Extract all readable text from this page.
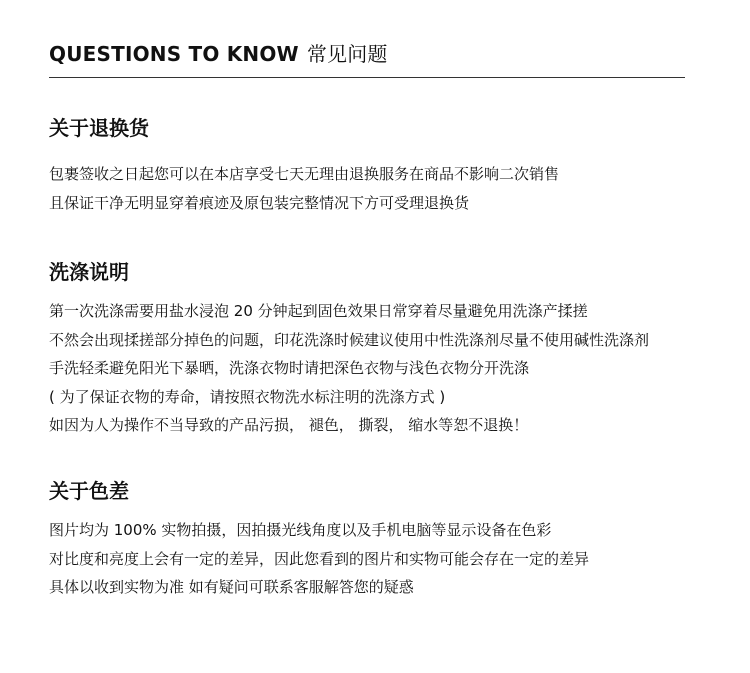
QUESTIONS TO KNOW 常见问题
关于退换货
包裹签收之日起您可以在本店享受七天无理由退换服务在商品不影响二次销售
且保证干净无明显穿着痕迹及原包装完整情况下方可受理退换货
洗涤说明
第一次洗涤需要用盐水浸泡 20 分钟起到固色效果日常穿着尽量避免用洗涤产揉搓
不然会出现揉搓部分掉色的问题，印花洗涤时候建议使用中性洗涤剂尽量不使用碱性洗涤剂
手洗轻柔避免阳光下暴晒，洗涤衣物时请把深色衣物与浅色衣物分开洗涤
( 为了保证衣物的寿命，请按照衣物洗水标注明的洗涤方式 )
如因为人为操作不当导致的产品污损， 褪色， 撕裂， 缩水等恕不退换！
关于色差
图片均为 100% 实物拍摄，因拍摄光线角度以及手机电脑等显示设备在色彩
对比度和亮度上会有一定的差异，因此您看到的图片和实物可能会存在一定的差异
具体以收到实物为准 如有疑问可联系客服解答您的疑惑
